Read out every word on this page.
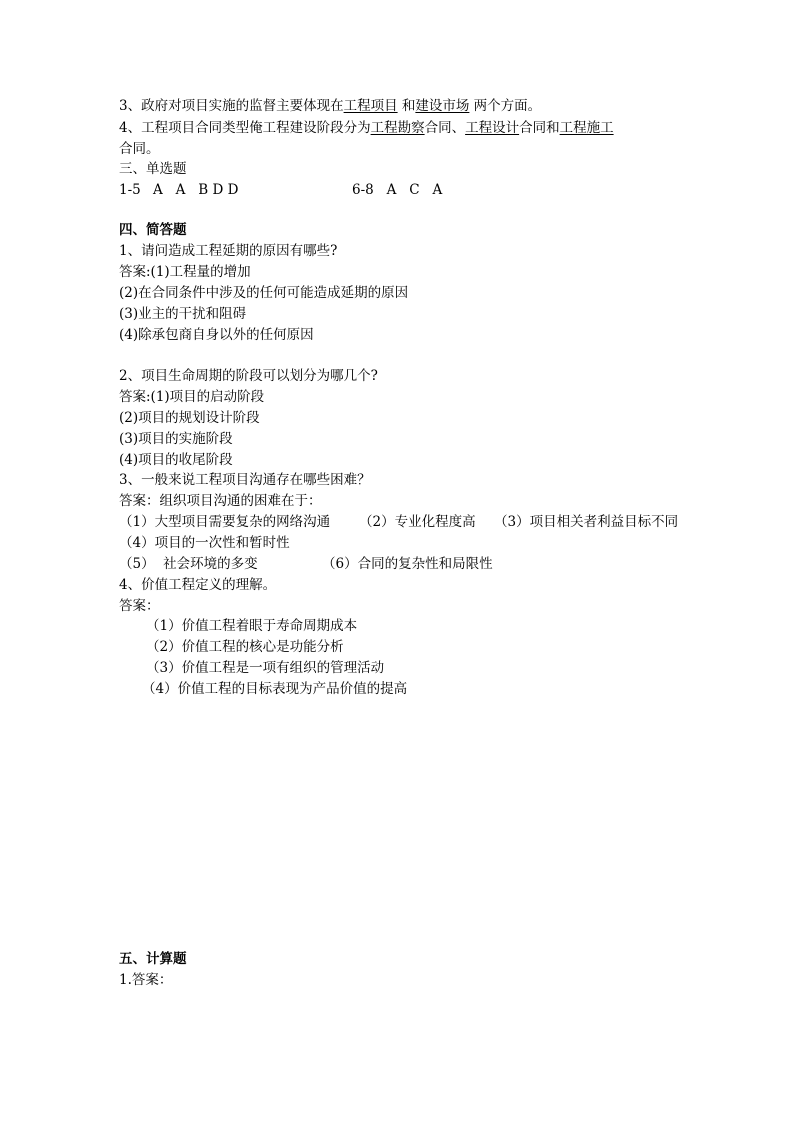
3、政府对项目实施的监督主要体现在工程项目 和建设市场 两个方面。
4、工程项目合同类型俺工程建设阶段分为工程勘察合同、工程设计合同和工程施工
合同。
三、单选题
1-5 A   A   B D D	6-8 A   C   A
四、简答题
1、请问造成工程延期的原因有哪些?
答案:(1)工程量的增加
(2)在合同条件中涉及的任何可能造成延期的原因
(3)业主的干扰和阻碍
(4)除承包商自身以外的任何原因
2、项目生命周期的阶段可以划分为哪几个?
答案:(1)项目的启动阶段
(2)项目的规划设计阶段
(3)项目的实施阶段
(4)项目的收尾阶段
3、一般来说工程项目沟通存在哪些困难？
答案：组织项目沟通的困难在于：
（1）大型项目需要复杂的网络沟通 （2）专业化程度高 （3）项目相关者利益目标不同
（4）项目的一次性和暂时性
（5）  社会环境的多变	（6）合同的复杂性和局限性
4、价值工程定义的理解。
答案：
（1）价值工程着眼于寿命周期成本
（2）价值工程的核心是功能分析
（3）价值工程是一项有组织的管理活动
（4）价值工程的目标表现为产品价值的提高
五、计算题
1.答案：
